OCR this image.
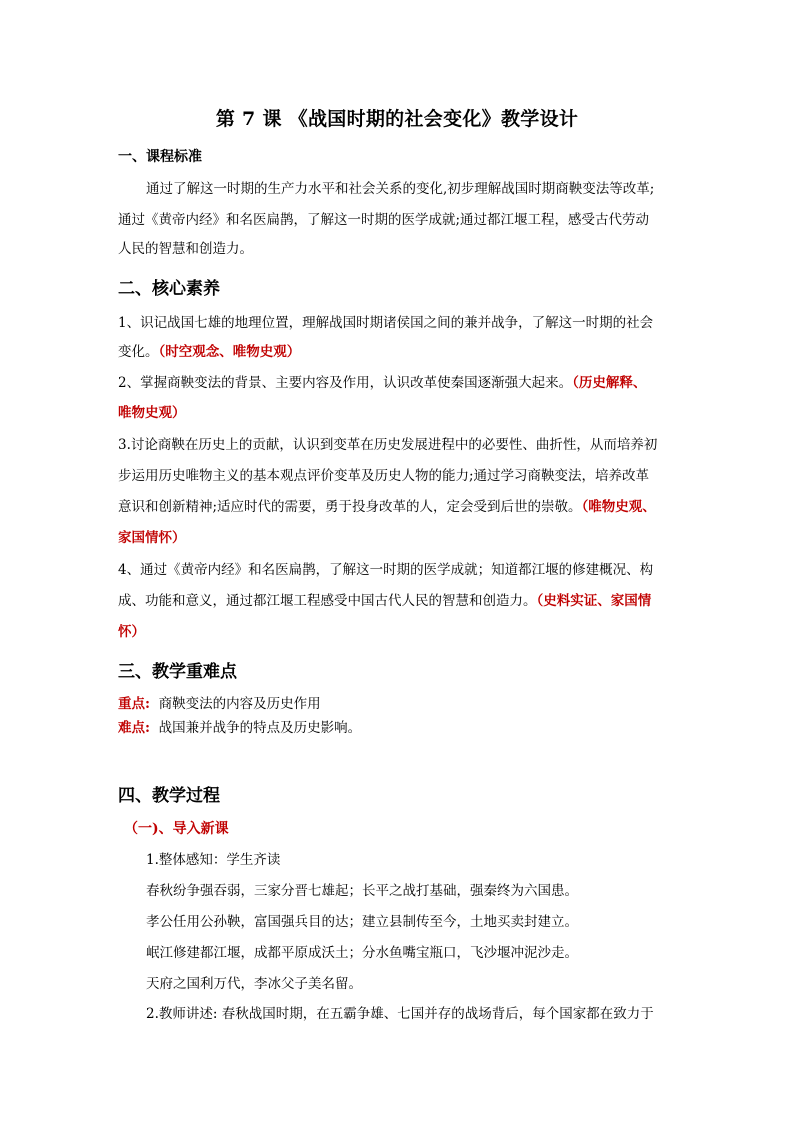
第 7 课 《战国时期的社会变化》教学设计
一、课程标准
通过了解这一时期的生产力水平和社会关系的变化,初步理解战国时期商鞅变法等改革;
通过《黄帝内经》和名医扁鹊，了解这一时期的医学成就;通过都江堰工程，感受古代劳动
人民的智慧和创造力。
二、核心素养
1、识记战国七雄的地理位置，理解战国时期诸侯国之间的兼并战争，了解这一时期的社会
变化。（时空观念、唯物史观）
2、掌握商鞅变法的背景、主要内容及作用，认识改革使秦国逐渐强大起来。（历史解释、
唯物史观）
3.讨论商鞅在历史上的贡献，认识到变革在历史发展进程中的必要性、曲折性，从而培养初
步运用历史唯物主义的基本观点评价变革及历史人物的能力;通过学习商鞅变法，培养改革
意识和创新精神;适应时代的需要，勇于投身改革的人，定会受到后世的崇敬。（唯物史观、
家国情怀）
4、通过《黄帝内经》和名医扁鹊，了解这一时期的医学成就；知道都江堰的修建概况、构
成、功能和意义，通过都江堰工程感受中国古代人民的智慧和创造力。（史料实证、家国情
怀）
三、教学重难点
重点: 商鞅变法的内容及历史作用
难点: 战国兼并战争的特点及历史影响。
四、教学过程
（一)、导入新课
1.整体感知：学生齐读
春秋纷争强吞弱，三家分晋七雄起；长平之战打基础，强秦终为六国患。
孝公任用公孙鞅，富国强兵目的达；建立县制传至今，土地买卖封建立。
岷江修建都江堰，成都平原成沃土；分水鱼嘴宝瓶口，飞沙堰冲泥沙走。
天府之国利万代，李冰父子美名留。
2.教师讲述: 春秋战国时期，在五霸争雄、七国并存的战场背后，每个国家都在致力于
